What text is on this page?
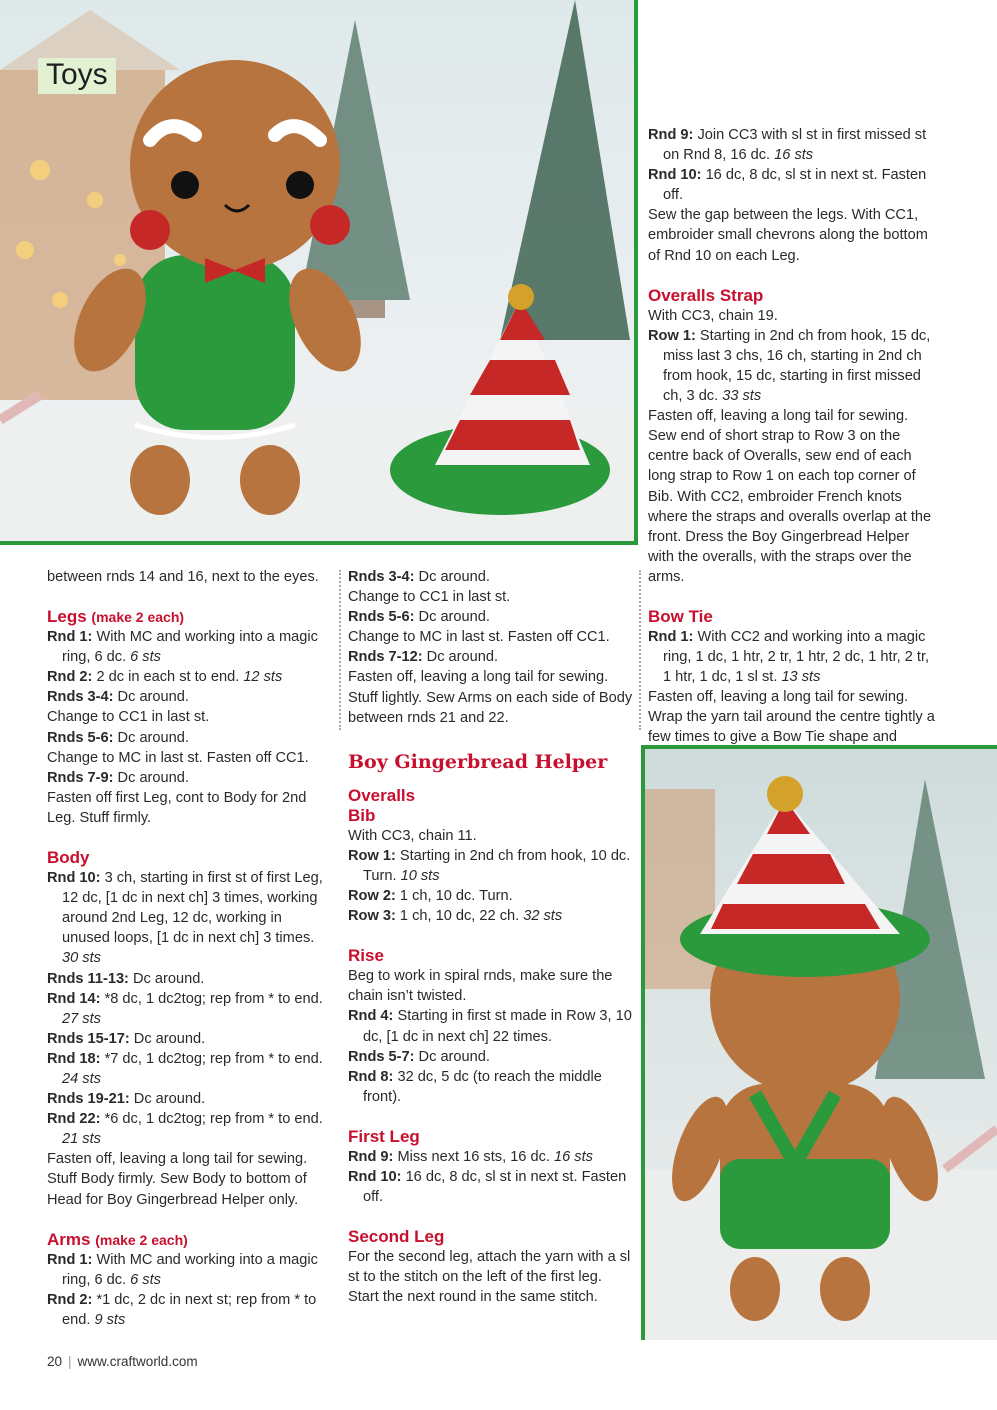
Toys

between rnds 14 and 16, next to the eyes.

Legs (make 2 each)

Rnd 1: With MC and working into a magic ring, 6 dc. 6 sts

Rnd 2: 2 dc in each st to end. 12 sts

Rnds 3-4: Dc around.

Change to CC1 in last st.

Rnds 5-6: Dc around.

Change to MC in last st. Fasten off CC1.

Rnds 7-9: Dc around.

Fasten off first Leg, cont to Body for 2nd Leg. Stuff firmly.

Body

Rnd 10: 3 ch, starting in first st of first Leg, 12 dc, [1 dc in next ch] 3 times, working around 2nd Leg, 12 dc, working in unused loops, [1 dc in next ch] 3 times. 30 sts

Rnds 11-13: Dc around.

Rnd 14: *8 dc, 1 dc2tog; rep from * to end. 27 sts

Rnds 15-17: Dc around.

Rnd 18: *7 dc, 1 dc2tog; rep from * to end. 24 sts

Rnds 19-21: Dc around.

Rnd 22: *6 dc, 1 dc2tog; rep from * to end. 21 sts

Fasten off, leaving a long tail for sewing. Stuff Body firmly. Sew Body to bottom of Head for Boy Gingerbread Helper only.

Arms (make 2 each)

Rnd 1: With MC and working into a magic ring, 6 dc. 6 sts

Rnd 2: *1 dc, 2 dc in next st; rep from * to end. 9 sts

Rnds 3-4: Dc around.

Change to CC1 in last st.

Rnds 5-6: Dc around.

Change to MC in last st. Fasten off CC1.

Rnds 7-12: Dc around.

Fasten off, leaving a long tail for sewing. Stuff lightly. Sew Arms on each side of Body between rnds 21 and 22.

Boy Gingerbread Helper

Overalls

Bib

With CC3, chain 11.

Row 1: Starting in 2nd ch from hook, 10 dc. Turn. 10 sts

Row 2: 1 ch, 10 dc. Turn.

Row 3: 1 ch, 10 dc, 22 ch. 32 sts

Rise

Beg to work in spiral rnds, make sure the chain isn’t twisted.

Rnd 4: Starting in first st made in Row 3, 10 dc, [1 dc in next ch] 22 times.

Rnds 5-7: Dc around.

Rnd 8: 32 dc, 5 dc (to reach the middle front).

First Leg

Rnd 9: Miss next 16 sts, 16 dc. 16 sts

Rnd 10: 16 dc, 8 dc, sl st in next st. Fasten off.

Second Leg

For the second leg, attach the yarn with a sl st to the stitch on the left of the first leg. Start the next round in the same stitch.

Rnd 9: Join CC3 with sl st in first missed st on Rnd 8, 16 dc. 16 sts

Rnd 10: 16 dc, 8 dc, sl st in next st. Fasten off.

Sew the gap between the legs. With CC1, embroider small chevrons along the bottom of Rnd 10 on each Leg.

Overalls Strap

With CC3, chain 19.

Row 1: Starting in 2nd ch from hook, 15 dc, miss last 3 chs, 16 ch, starting in 2nd ch from hook, 15 dc, starting in first missed ch, 3 dc. 33 sts

Fasten off, leaving a long tail for sewing. Sew end of short strap to Row 3 on the centre back of Overalls, sew end of each long strap to Row 1 on each top corner of Bib. With CC2, embroider French knots where the straps and overalls overlap at the front. Dress the Boy Gingerbread Helper with the overalls, with the straps over the arms.

Bow Tie

Rnd 1: With CC2 and working into a magic ring, 1 dc, 1 htr, 2 tr, 1 htr, 2 dc, 1 htr, 2 tr, 1 htr, 1 dc, 1 sl st. 13 sts

Fasten off, leaving a long tail for sewing. Wrap the yarn tail around the centre tightly a few times to give a Bow Tie shape and

20 | www.craftworld.com
